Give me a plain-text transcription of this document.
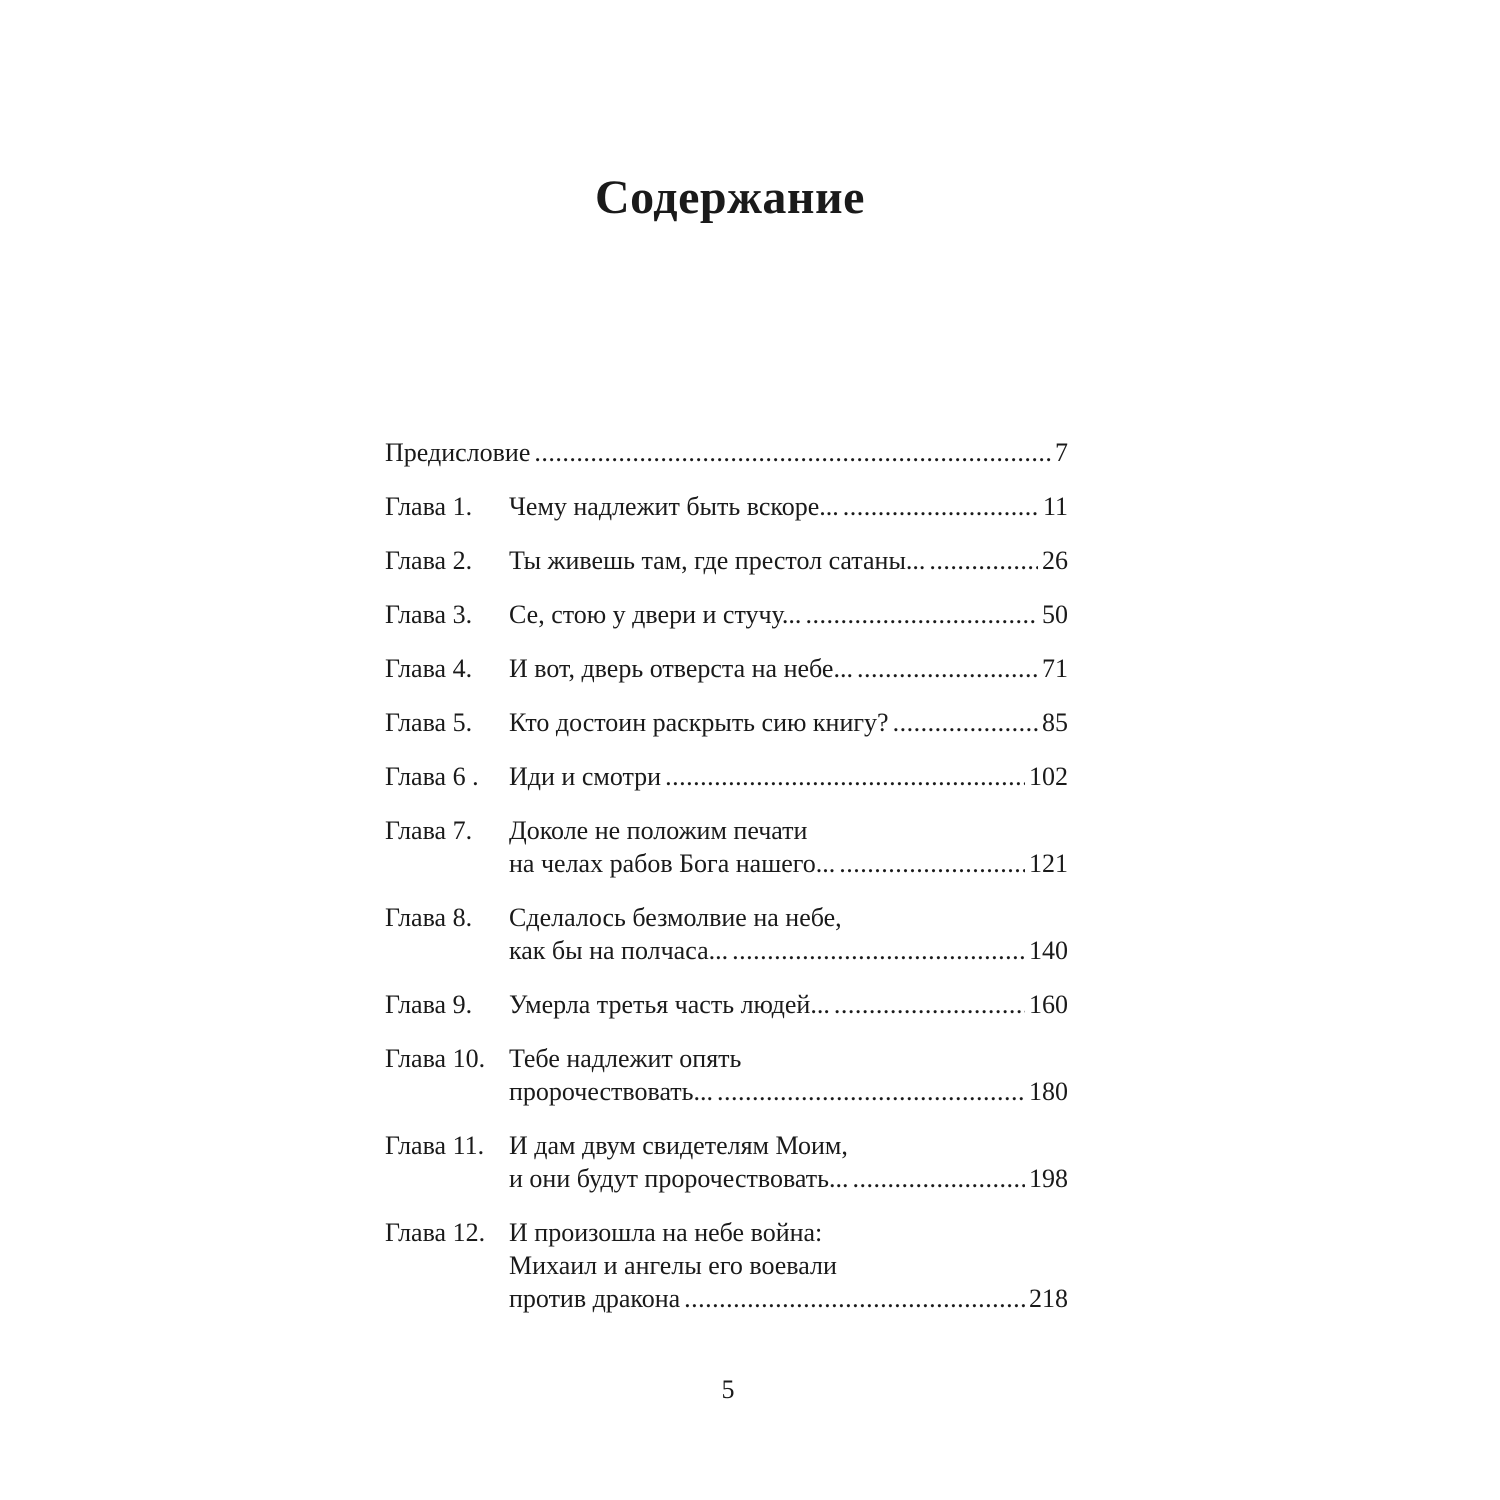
Содержание
Предисловие . . .	7
Глава 1.	Чему надлежит быть вскоре... . . .	11
Глава 2.	Ты живешь там, где престол сатаны... . . .	26
Глава 3.	Се, стою у двери и стучу... . . .	50
Глава 4.	И вот, дверь отверста на небе... . . .	71
Глава 5.	Кто достоин раскрыть сию книгу? . . .	85
Глава 6 .	Иди и смотри . . .	102
Глава 7.	Доколе не положим печати
на челах рабов Бога нашего... . . .	121
Глава 8.	Сделалось безмолвие на небе,
как бы на полчаса... . . .	140
Глава 9.	Умерла третья часть людей... . . .	160
Глава 10. Тебе надлежит опять
пророчествовать... . . .	180
Глава 11. И дам двум свидетелям Моим,
и они будут пророчествовать... . . .	198
Глава 12. И произошла на небе война:
Михаил и ангелы его воевали
против дракона . . .	218
5
